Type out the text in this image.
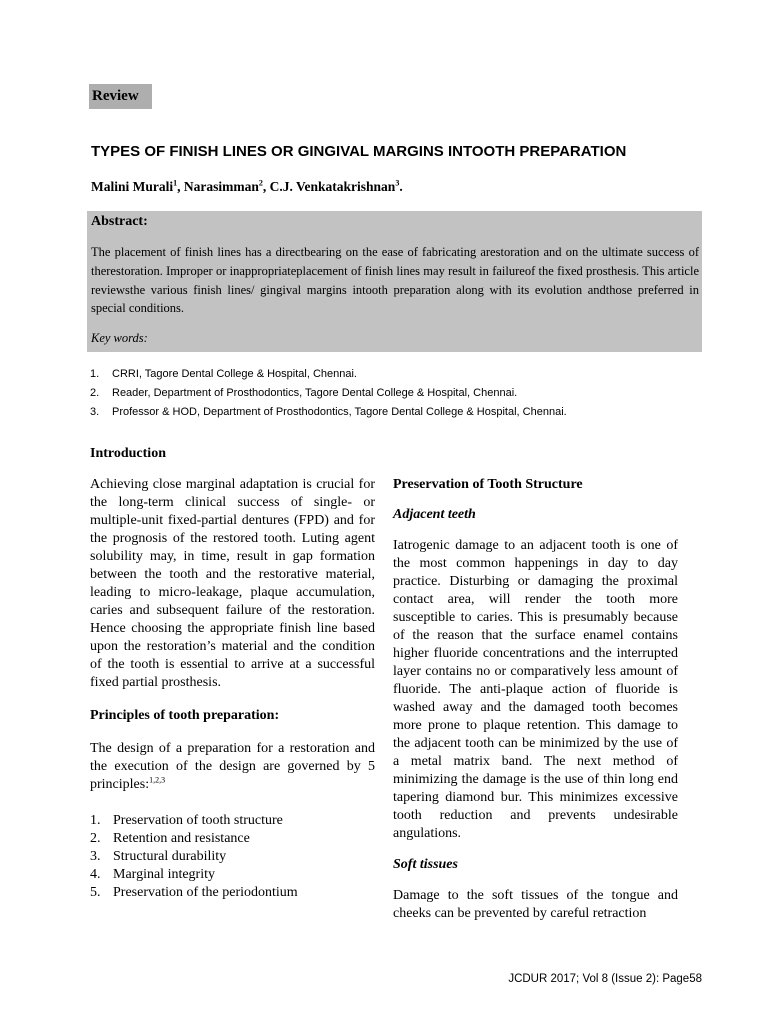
Review
TYPES OF FINISH LINES OR GINGIVAL MARGINS INTOOTH PREPARATION
Malini Murali$^1$, Narasimman$^2$, C.J. Venkatakrishnan$^3$.

Abstract:

The placement of finish lines has a directbearing on the ease of fabricating arestoration and on the ultimate success of therestoration. Improper or inappropriateplacement of finish lines may result in failureof the fixed prosthesis. This article reviewsthe various finish lines/ gingival margins intooth preparation along with its evolution andthose preferred in special conditions.

Key words:

1. CRRI, Tagore Dental College & Hospital, Chennai.
2. Reader, Department of Prosthodontics, Tagore Dental College & Hospital, Chennai.
3. Professor & HOD, Department of Prosthodontics, Tagore Dental College & Hospital, Chennai.

Introduction

Achieving close marginal adaptation is crucial for the long-term clinical success of single- or multiple-unit fixed-partial dentures (FPD) and for the prognosis of the restored tooth. Luting agent solubility may, in time, result in gap formation between the tooth and the restorative material, leading to micro-leakage, plaque accumulation, caries and subsequent failure of the restoration. Hence choosing the appropriate finish line based upon the restoration’s material and the condition of the tooth is essential to arrive at a successful fixed partial prosthesis.

Principles of tooth preparation:

The design of a preparation for a restoration and the execution of the design are governed by 5 principles:$^{1,2,3}$

1. Preservation of tooth structure
2. Retention and resistance
3. Structural durability
4. Marginal integrity
5. Preservation of the periodontium

Preservation of Tooth Structure

Adjacent teeth

Iatrogenic damage to an adjacent tooth is one of the most common happenings in day to day practice. Disturbing or damaging the proximal contact area, will render the tooth more susceptible to caries. This is presumably because of the reason that the surface enamel contains higher fluoride concentrations and the interrupted layer contains no or comparatively less amount of fluoride. The anti-plaque action of fluoride is washed away and the damaged tooth becomes more prone to plaque retention. This damage to the adjacent tooth can be minimized by the use of a metal matrix band. The next method of minimizing the damage is the use of thin long end tapering diamond bur. This minimizes excessive tooth reduction and prevents undesirable angulations.

Soft tissues

Damage to the soft tissues of the tongue and cheeks can be prevented by careful retraction

JCDUR 2017; Vol 8 (Issue 2): Page58
